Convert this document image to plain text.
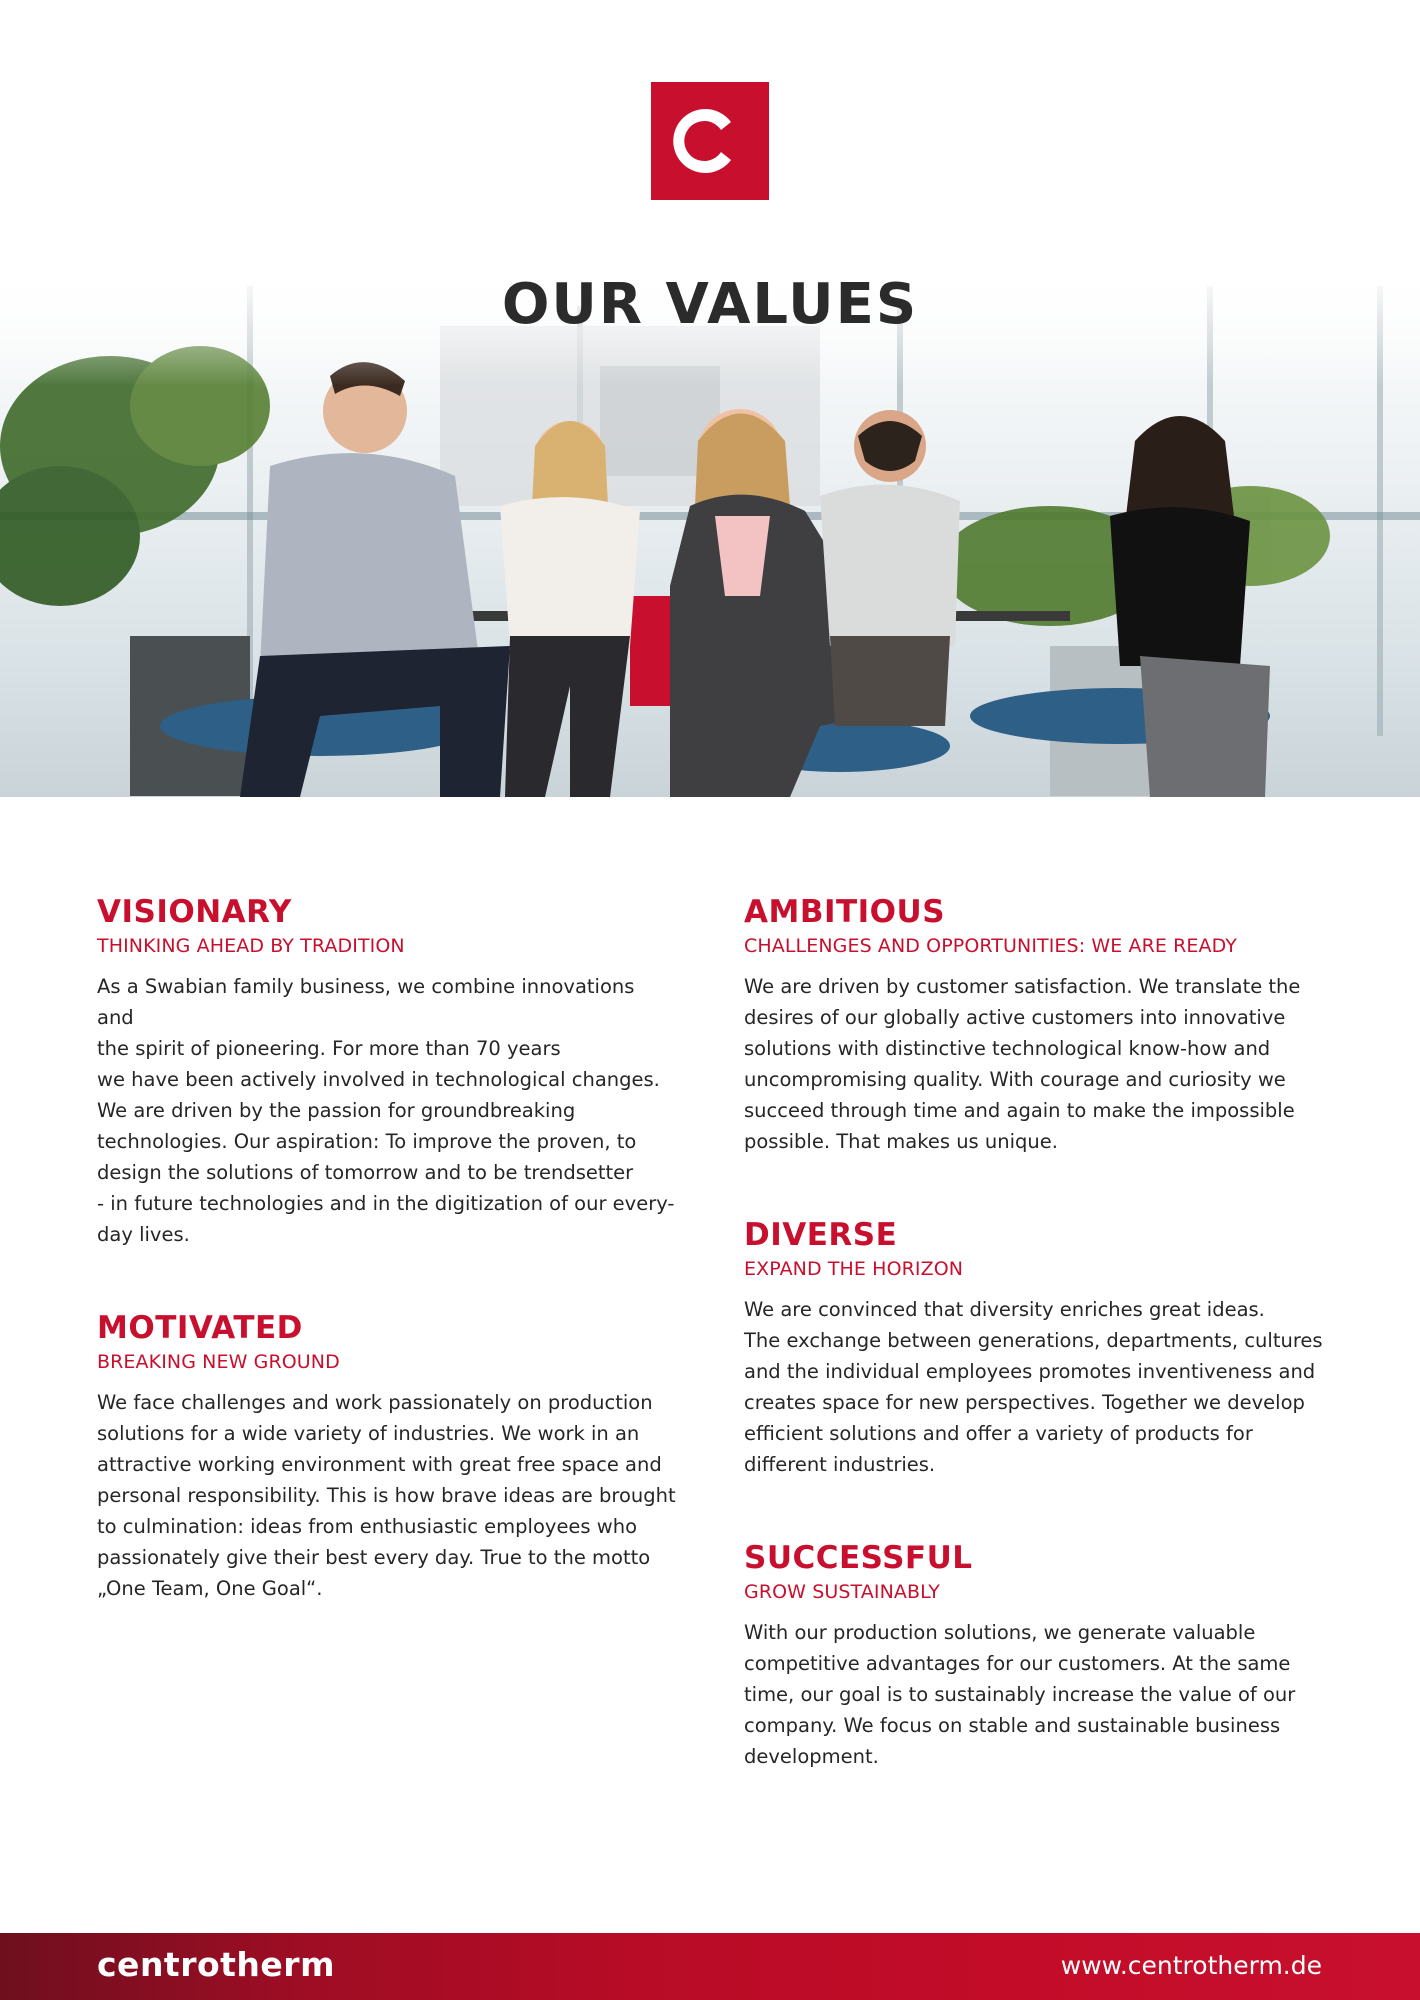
OUR VALUES
VISIONARY
THINKING AHEAD BY TRADITION

As a Swabian family business, we combine innovations and
the spirit of pioneering. For more than 70 years
we have been actively involved in technological changes.
We are driven by the passion for groundbreaking
technologies. Our aspiration: To improve the proven, to
design the solutions of tomorrow and to be trendsetter
- in future technologies and in the digitization of our every-
day lives.

MOTIVATED
BREAKING NEW GROUND

We face challenges and work passionately on production
solutions for a wide variety of industries. We work in an
attractive working environment with great free space and
personal responsibility. This is how brave ideas are brought
to culmination: ideas from enthusiastic employees who
passionately give their best every day. True to the motto
„One Team, One Goal“.

AMBITIOUS
CHALLENGES AND OPPORTUNITIES: WE ARE READY

We are driven by customer satisfaction. We translate the
desires of our globally active customers into innovative
solutions with distinctive technological know-how and
uncompromising quality. With courage and curiosity we
succeed through time and again to make the impossible
possible. That makes us unique.

DIVERSE
EXPAND THE HORIZON

We are convinced that diversity enriches great ideas.
The exchange between generations, departments, cultures
and the individual employees promotes inventiveness and
creates space for new perspectives. Together we develop
efficient solutions and offer a variety of products for
different industries.

SUCCESSFUL
GROW SUSTAINABLY

With our production solutions, we generate valuable
competitive advantages for our customers. At the same
time, our goal is to sustainably increase the value of our
company. We focus on stable and sustainable business
development.

centrotherm	www.centrotherm.de
